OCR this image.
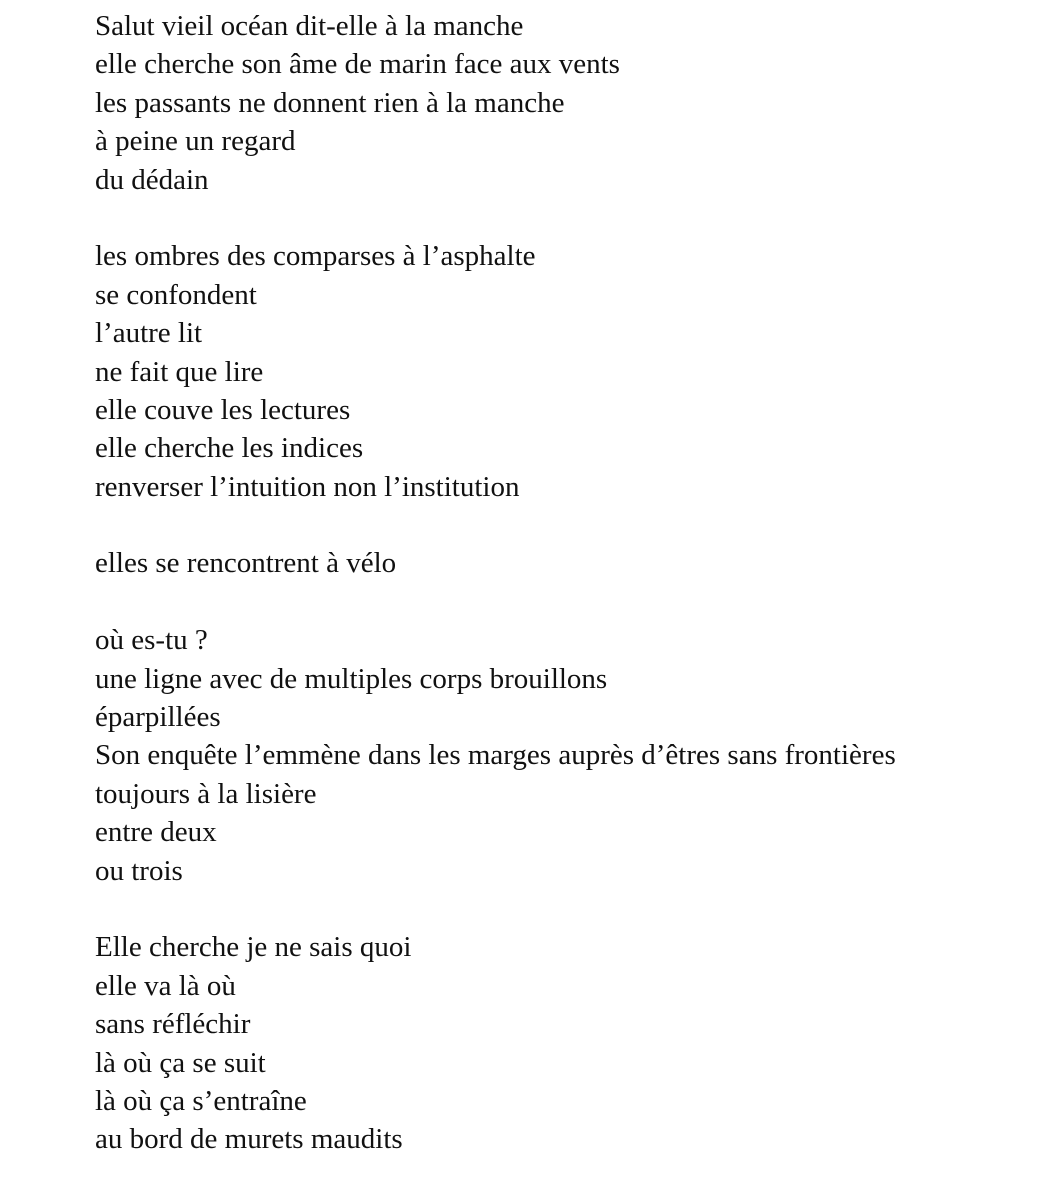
Salut vieil océan dit-elle à la manche
elle cherche son âme de marin face aux vents
les passants ne donnent rien à la manche
à peine un regard
du dédain
les ombres des comparses à l’asphalte
se confondent
l’autre lit
ne fait que lire
elle couve les lectures
elle cherche les indices
renverser l’intuition non l’institution
elles se rencontrent à vélo
où es-tu ?
une ligne avec de multiples corps brouillons
éparpillées
Son enquête l’emmène dans les marges auprès d’êtres sans frontières
toujours à la lisière
entre deux
ou trois
Elle cherche je ne sais quoi
elle va là où
sans réfléchir
là où ça se suit
là où ça s’entraîne
au bord de murets maudits
